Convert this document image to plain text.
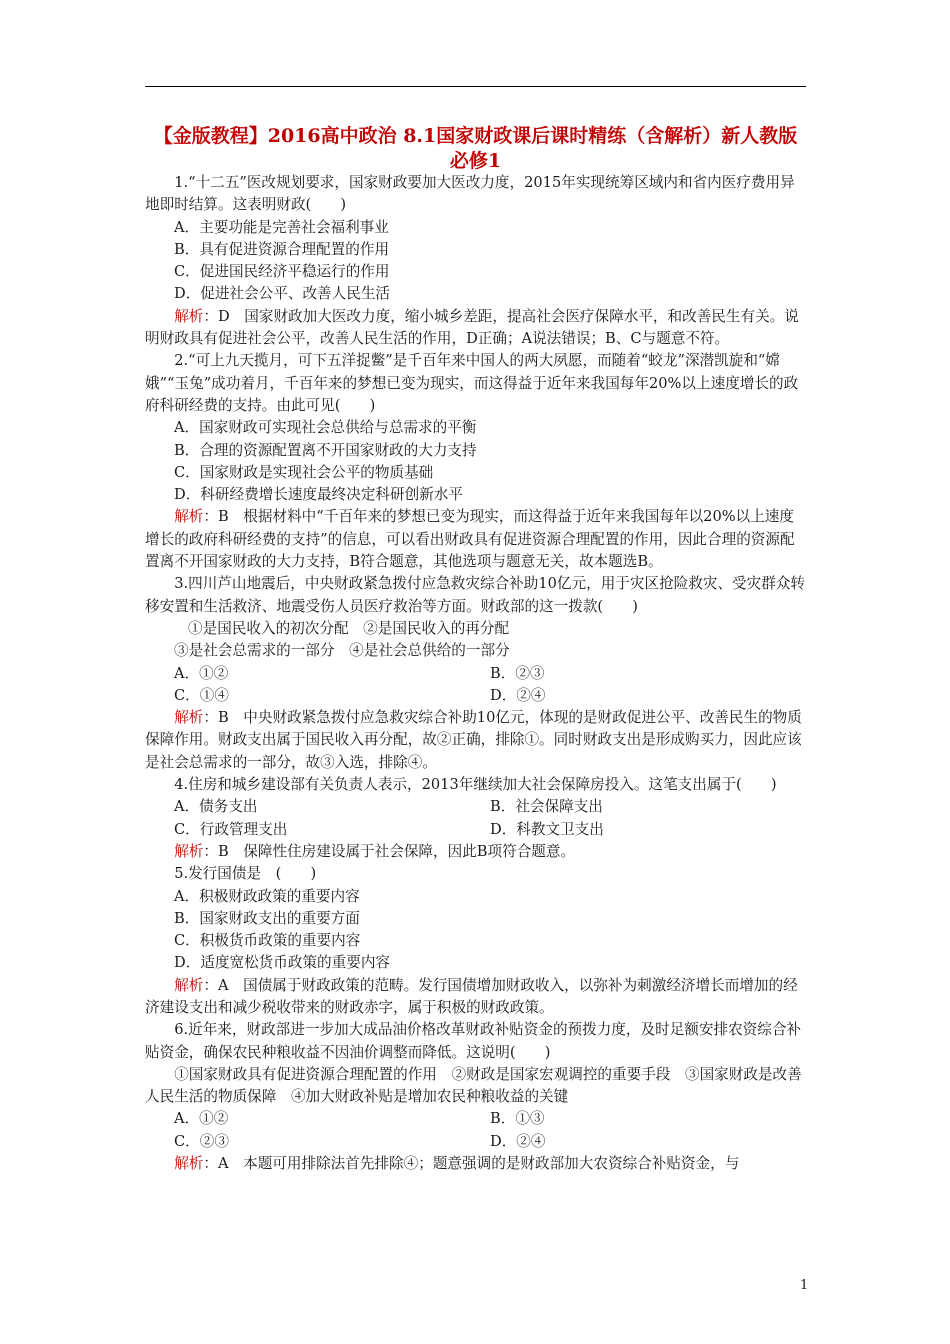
【金版教程】2016高中政治 8.1国家财政课后课时精练（含解析）新人教版必修1

1.“十二五”医改规划要求，国家财政要加大医改力度，2015年实现统筹区域内和省内医疗费用异地即时结算。这表明财政(　　)

A．主要功能是完善社会福利事业

B．具有促进资源合理配置的作用

C．促进国民经济平稳运行的作用

D．促进社会公平、改善人民生活

解析：D　国家财政加大医改力度，缩小城乡差距，提高社会医疗保障水平，和改善民生有关。说明财政具有促进社会公平，改善人民生活的作用，D正确；A说法错误；B、C与题意不符。

2.“可上九天揽月，可下五洋捉鳖”是千百年来中国人的两大夙愿，而随着“蛟龙”深潜凯旋和“嫦娥”“玉兔”成功着月，千百年来的梦想已变为现实，而这得益于近年来我国每年20%以上速度增长的政府科研经费的支持。由此可见(　　)

A．国家财政可实现社会总供给与总需求的平衡

B．合理的资源配置离不开国家财政的大力支持

C．国家财政是实现社会公平的物质基础

D．科研经费增长速度最终决定科研创新水平

解析：B　根据材料中“千百年来的梦想已变为现实，而这得益于近年来我国每年以20%以上速度增长的政府科研经费的支持”的信息，可以看出财政具有促进资源合理配置的作用，因此合理的资源配置离不开国家财政的大力支持，B符合题意，其他选项与题意无关，故本题选B。

3.四川芦山地震后，中央财政紧急拨付应急救灾综合补助10亿元，用于灾区抢险救灾、受灾群众转移安置和生活救济、地震受伤人员医疗救治等方面。财政部的这一拨款(　　)

①是国民收入的初次分配　②是国民收入的再分配

③是社会总需求的一部分　④是社会总供给的一部分

A．①②	B．②③
C．①④	D．②④

解析：B　中央财政紧急拨付应急救灾综合补助10亿元，体现的是财政促进公平、改善民生的物质保障作用。财政支出属于国民收入再分配，故②正确，排除①。同时财政支出是形成购买力，因此应该是社会总需求的一部分，故③入选，排除④。

4.住房和城乡建设部有关负责人表示，2013年继续加大社会保障房投入。这笔支出属于(　　)

A．债务支出	B．社会保障支出
C．行政管理支出	D．科教文卫支出

解析：B　保障性住房建设属于社会保障，因此B项符合题意。

5.发行国债是　(　　)

A．积极财政政策的重要内容

B．国家财政支出的重要方面

C．积极货币政策的重要内容

D．适度宽松货币政策的重要内容

解析：A　国债属于财政政策的范畴。发行国债增加财政收入，以弥补为刺激经济增长而增加的经济建设支出和减少税收带来的财政赤字，属于积极的财政政策。

6.近年来，财政部进一步加大成品油价格改革财政补贴资金的预拨力度，及时足额安排农资综合补贴资金，确保农民种粮收益不因油价调整而降低。这说明(　　)

①国家财政具有促进资源合理配置的作用　②财政是国家宏观调控的重要手段　③国家财政是改善人民生活的物质保障　④加大财政补贴是增加农民种粮收益的关键

A．①②	B．①③
C．②③	D．②④

解析：A　本题可用排除法首先排除④；题意强调的是财政部加大农资综合补贴资金，与

1
